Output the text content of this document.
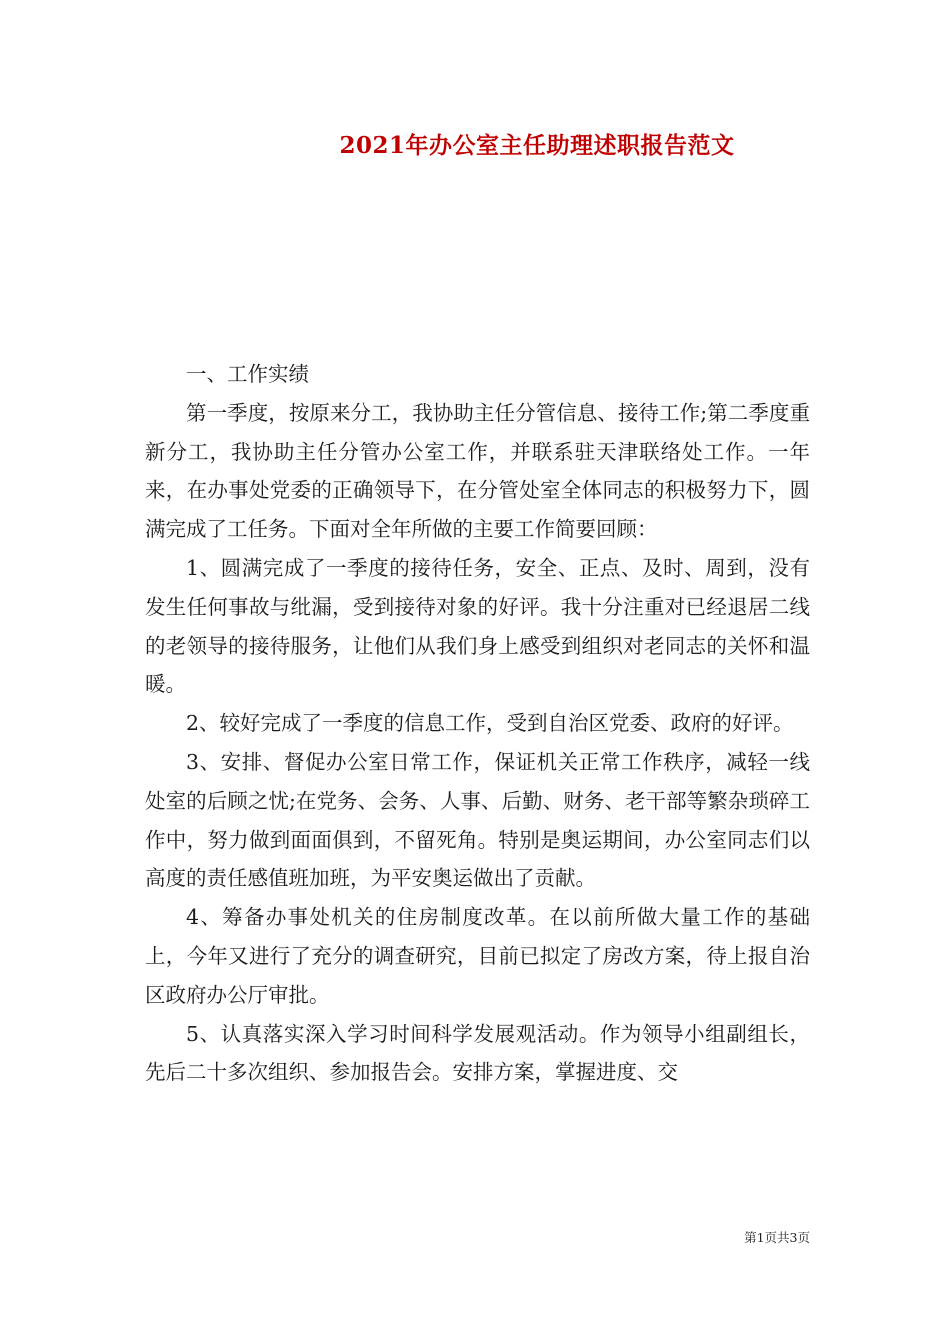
2021年办公室主任助理述职报告范文

一、工作实绩

第一季度，按原来分工，我协助主任分管信息、接待工作;第二季度重新分工，我协助主任分管办公室工作，并联系驻天津联络处工作。一年来，在办事处党委的正确领导下，在分管处室全体同志的积极努力下，圆满完成了工任务。下面对全年所做的主要工作简要回顾：

1、圆满完成了一季度的接待任务，安全、正点、及时、周到，没有发生任何事故与纰漏，受到接待对象的好评。我十分注重对已经退居二线的老领导的接待服务，让他们从我们身上感受到组织对老同志的关怀和温暖。

2、较好完成了一季度的信息工作，受到自治区党委、政府的好评。

3、安排、督促办公室日常工作，保证机关正常工作秩序，减轻一线处室的后顾之忧;在党务、会务、人事、后勤、财务、老干部等繁杂琐碎工作中，努力做到面面俱到，不留死角。特别是奥运期间，办公室同志们以高度的责任感值班加班，为平安奥运做出了贡献。

4、筹备办事处机关的住房制度改革。在以前所做大量工作的基础上，今年又进行了充分的调查研究，目前已拟定了房改方案，待上报自治区政府办公厅审批。

5、认真落实深入学习时间科学发展观活动。作为领导小组副组长，先后二十多次组织、参加报告会。安排方案，掌握进度、交

第1页共3页
